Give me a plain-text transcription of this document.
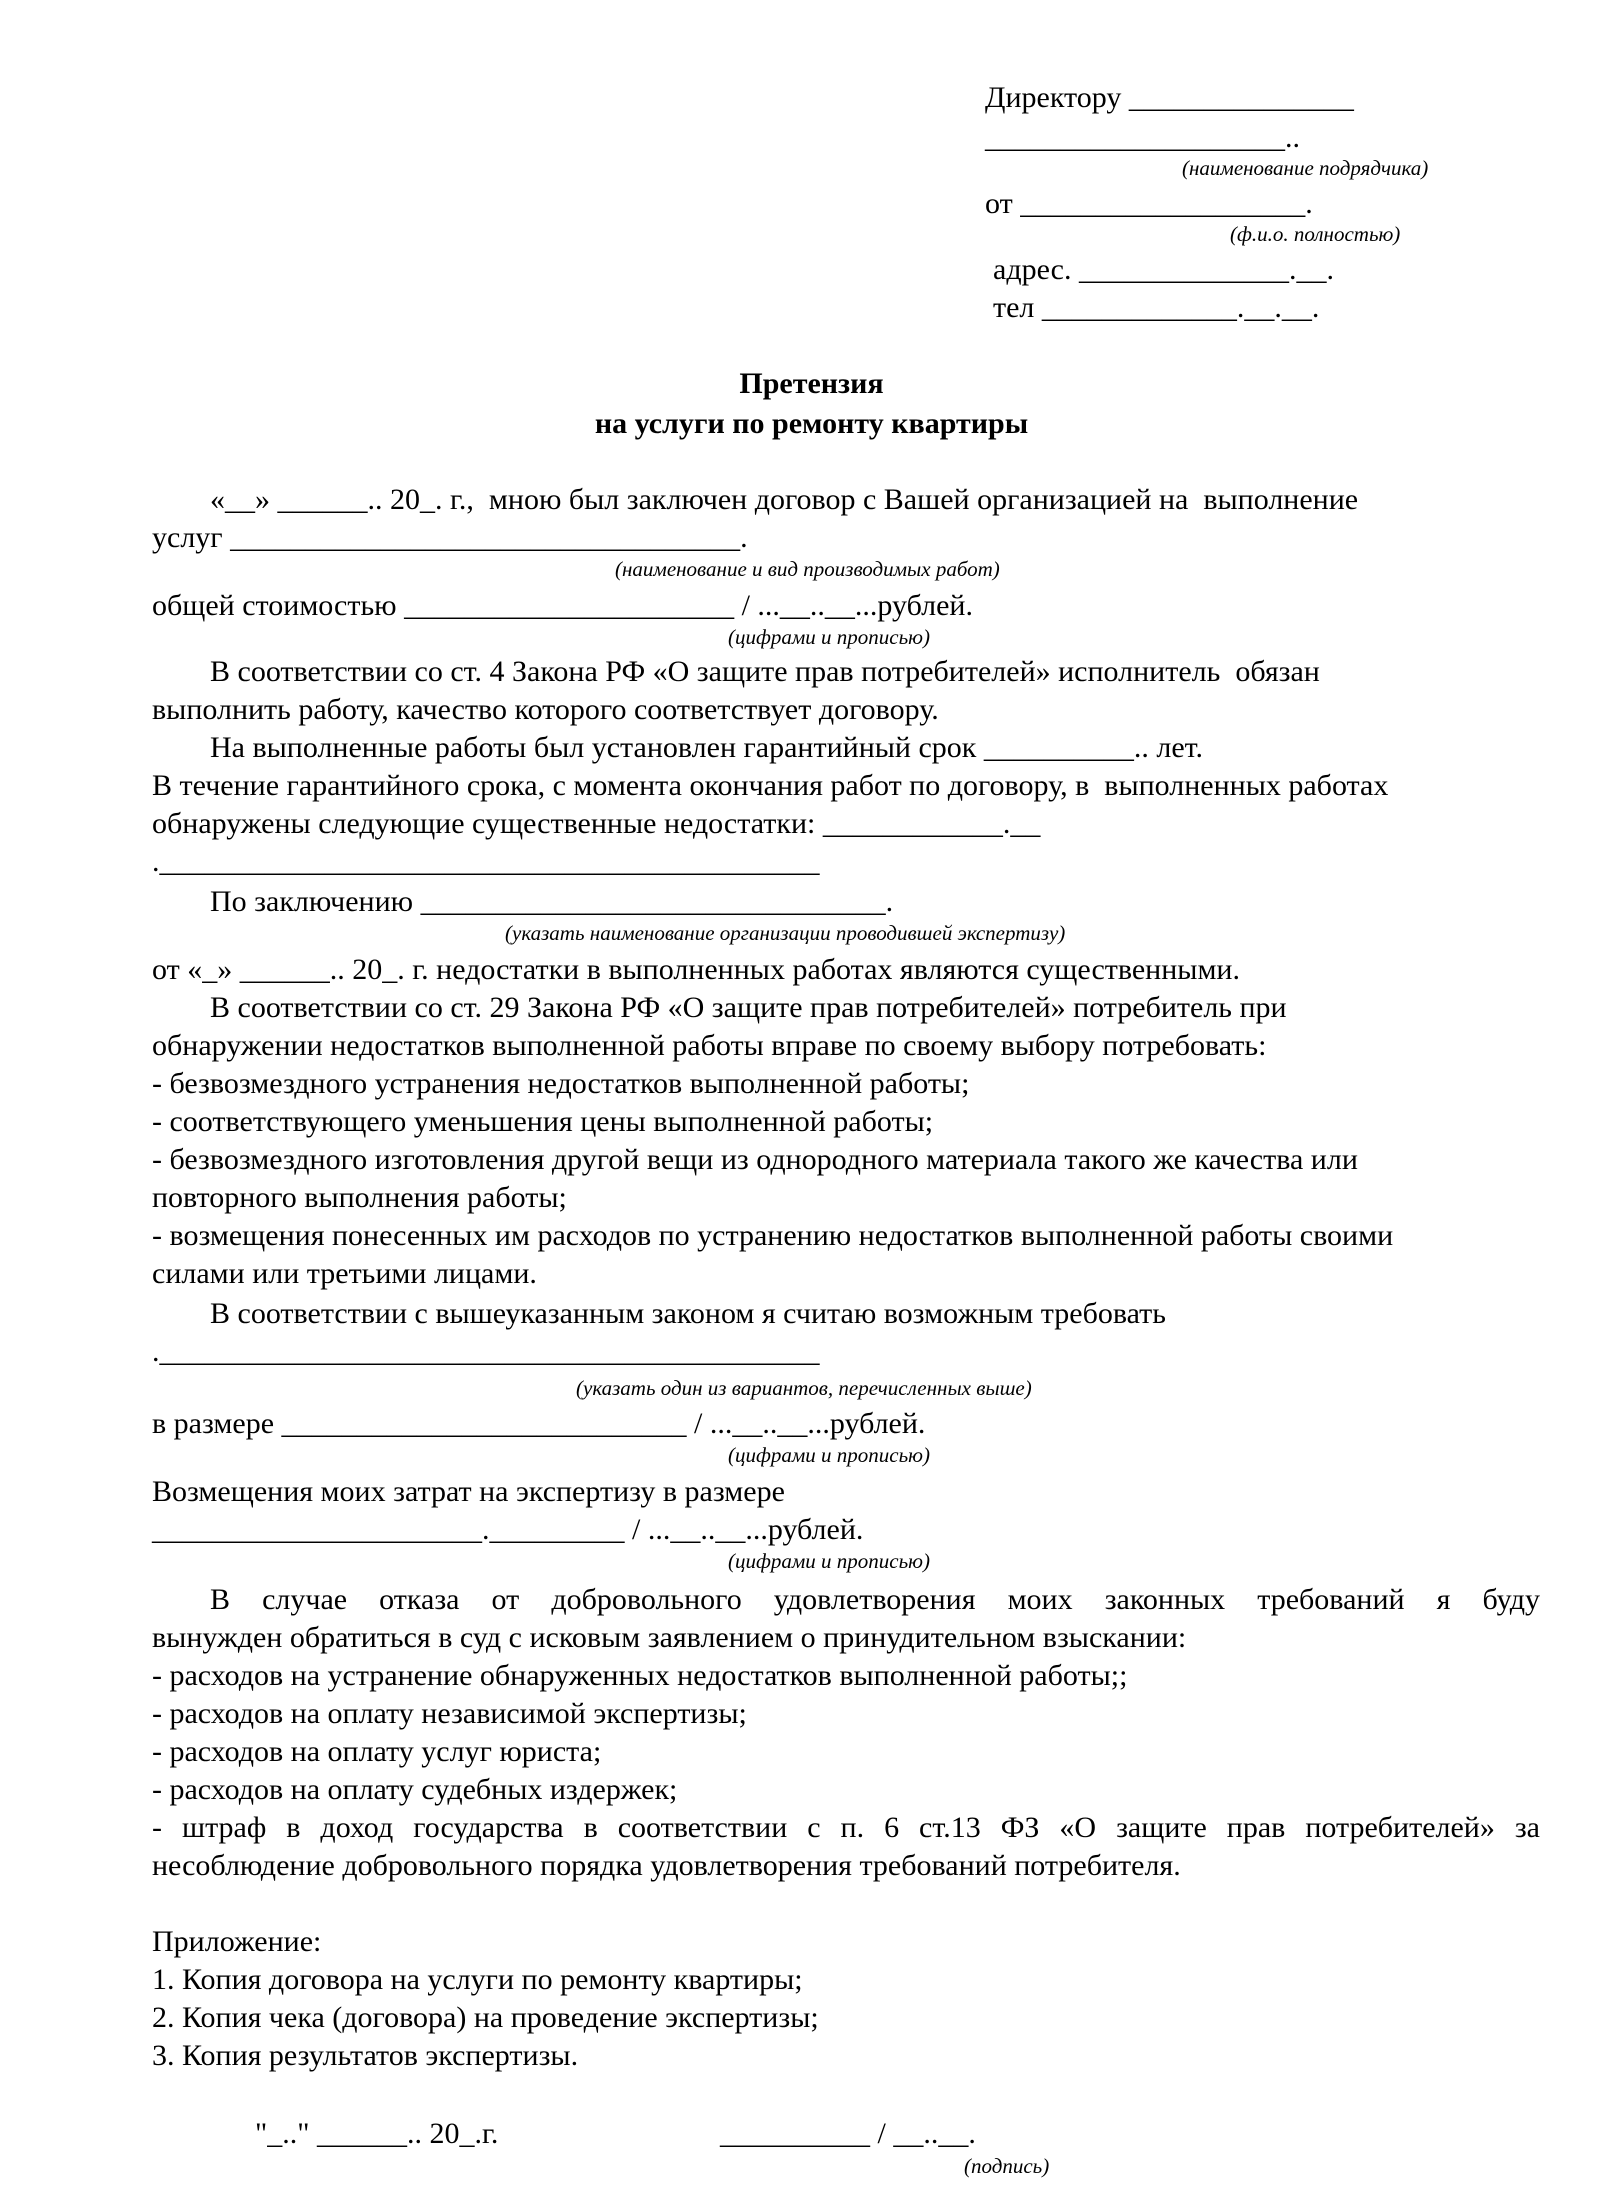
Директору _______________
____________________..
(наименование подрядчика)
от ___________________.
(ф.и.о. полностью)
адрес. ______________.__.
тел _____________.__.__.
Претензия
на услуги по ремонту квартиры
«__» ______.. 20_. г.,  мною был заключен договор с Вашей организацией на  выполнение
услуг __________________________________.
(наименование и вид производимых работ)
общей стоимостью ______________________ / ...__..__...рублей.
(цифрами и прописью)
В соответствии со ст. 4 Закона РФ «О защите прав потребителей» исполнитель  обязан
выполнить работу, качество которого соответствует договору.
На выполненные работы был установлен гарантийный срок __________.. лет.
В течение гарантийного срока, с момента окончания работ по договору, в  выполненных работах
обнаружены следующие существенные недостатки: ____________.__
.____________________________________________
По заключению _______________________________.
(указать наименование организации проводившей экспертизу)
от «_» ______.. 20_. г. недостатки в выполненных работах являются существенными.
В соответствии со ст. 29 Закона РФ «О защите прав потребителей» потребитель при
обнаружении недостатков выполненной работы вправе по своему выбору потребовать:
- безвозмездного устранения недостатков выполненной работы;
- соответствующего уменьшения цены выполненной работы;
- безвозмездного изготовления другой вещи из однородного материала такого же качества или
повторного выполнения работы;
- возмещения понесенных им расходов по устранению недостатков выполненной работы своими
силами или третьими лицами.
В соответствии с вышеуказанным законом я считаю возможным требовать
.____________________________________________
(указать один из вариантов, перечисленных выше)
в размере ___________________________ / ...__..__...рублей.
(цифрами и прописью)
Возмещения моих затрат на экспертизу в размере
______________________._________ / ...__..__...рублей.
(цифрами и прописью)
В случае отказа от добровольного удовлетворения моих законных требований я буду
вынужден обратиться в суд с исковым заявлением о принудительном взыскании:
- расходов на устранение обнаруженных недостатков выполненной работы;;
- расходов на оплату независимой экспертизы;
- расходов на оплату услуг юриста;
- расходов на оплату судебных издержек;
- штраф в доход государства в соответствии с п. 6 ст.13 ФЗ «О защите прав потребителей» за
несоблюдение добровольного порядка удовлетворения требований потребителя.
Приложение:
1. Копия договора на услуги по ремонту квартиры;
2. Копия чека (договора) на проведение экспертизы;
3. Копия результатов экспертизы.
"_.." ______.. 20_.г.	__________ / __..__.
(подпись)
